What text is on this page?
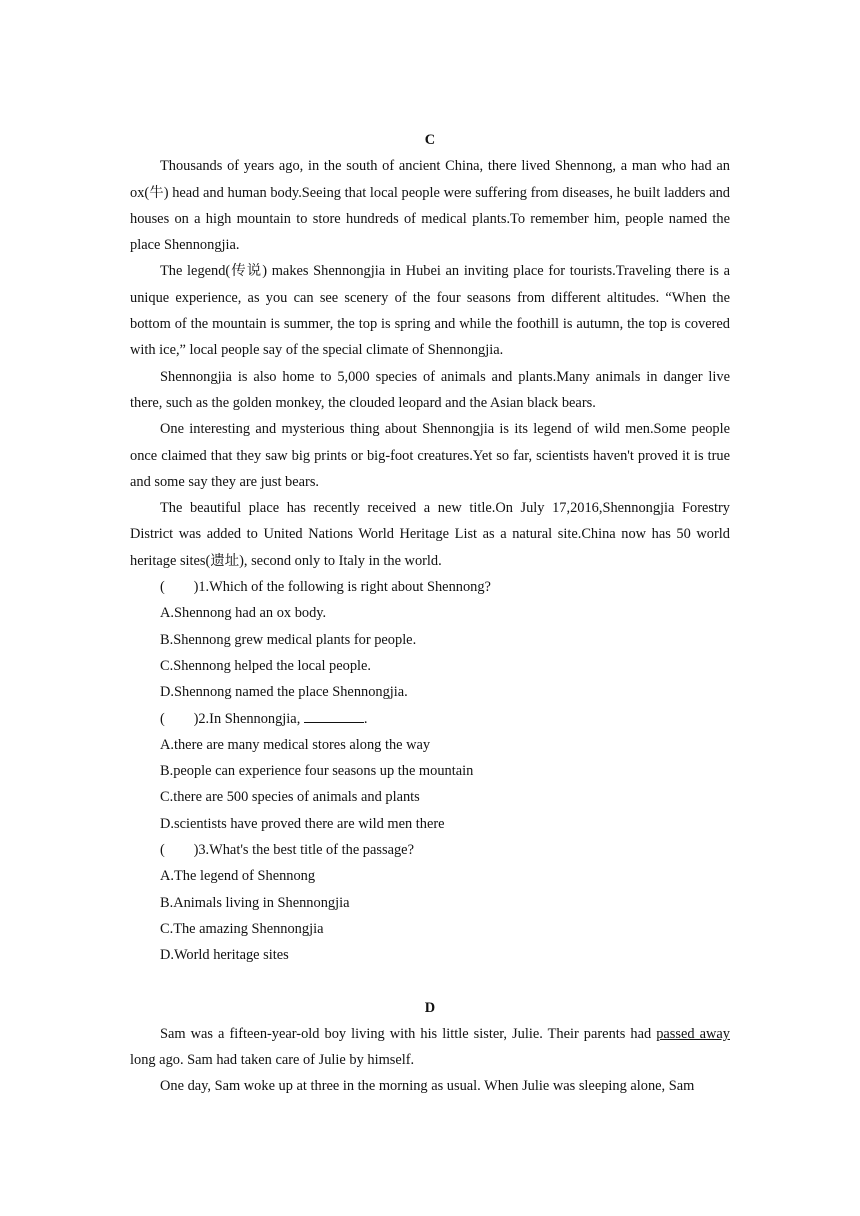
C

Thousands of years ago, in the south of ancient China, there lived Shennong, a man who had an ox(牛) head and human body.Seeing that local people were suffering from diseases, he built ladders and houses on a high mountain to store hundreds of medical plants.To remember him, people named the place Shennongjia.

The legend(传说) makes Shennongjia in Hubei an inviting place for tourists.Traveling there is a unique experience, as you can see scenery of the four seasons from different altitudes. “When the bottom of the mountain is summer, the top is spring and while the foothill is autumn, the top is covered with ice,” local people say of the special climate of Shennongjia.

Shennongjia is also home to 5,000 species of animals and plants.Many animals in danger live there, such as the golden monkey, the clouded leopard and the Asian black bears.

One interesting and mysterious thing about Shennongjia is its legend of wild men.Some people once claimed that they saw big prints or big-foot creatures.Yet so far, scientists haven't proved it is true and some say they are just bears.

The beautiful place has recently received a new title.On July 17,2016,Shennongjia Forestry District was added to United Nations World Heritage List as a natural site.China now has 50 world heritage sites(遗址), second only to Italy in the world.

(　　)1.Which of the following is right about Shennong?

A.Shennong had an ox body.

B.Shennong grew medical plants for people.

C.Shennong helped the local people.

D.Shennong named the place Shennongjia.

(　　)2.In Shennongjia,	.

A.there are many medical stores along the way

B.people can experience four seasons up the mountain

C.there are 500 species of animals and plants

D.scientists have proved there are wild men there

(　　)3.What's the best title of the passage?

A.The legend of Shennong

B.Animals living in Shennongjia

C.The amazing Shennongjia

D.World heritage sites

D

Sam was a fifteen-year-old boy living with his little sister, Julie. Their parents had passed away long ago. Sam had taken care of Julie by himself.

One day, Sam woke up at three in the morning as usual. When Julie was sleeping alone, Sam
